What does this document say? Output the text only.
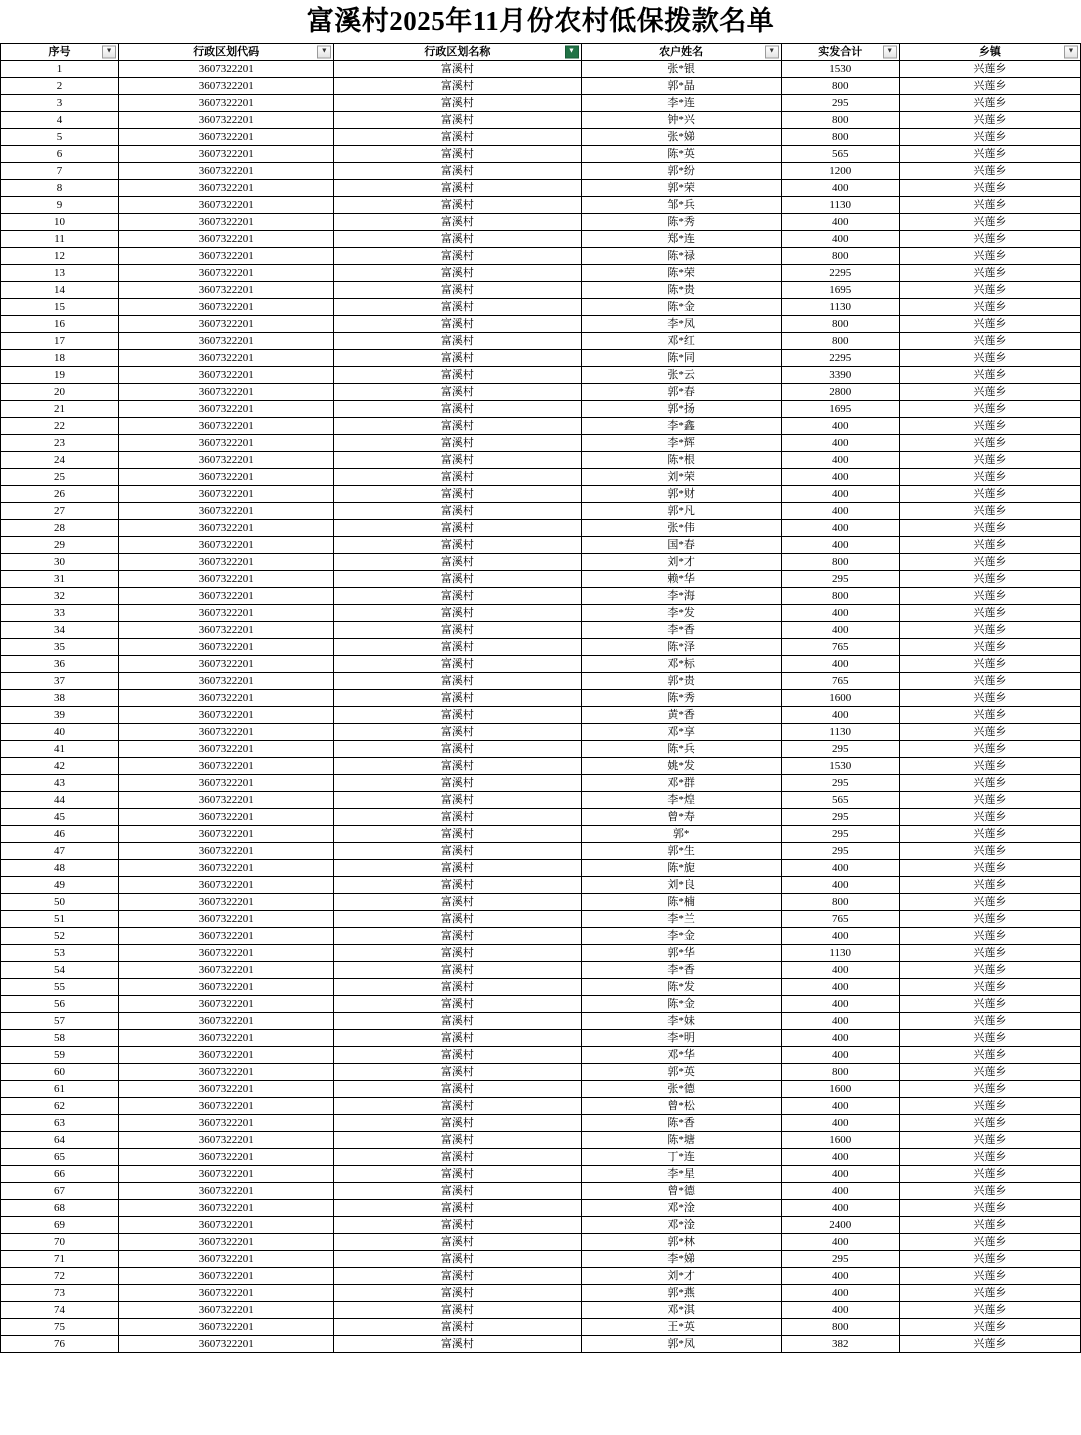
富溪村2025年11月份农村低保拨款名单
序号 ▼	行政区划代码 ▼	行政区划名称 ▼	农户姓名 ▼	实发合计 ▼	乡镇 ▼

1	3607322201	富溪村	张*银	1530	兴莲乡
2	3607322201	富溪村	郭*晶	800	兴莲乡
3	3607322201	富溪村	李*连	295	兴莲乡
4	3607322201	富溪村	钟*兴	800	兴莲乡
5	3607322201	富溪村	张*娣	800	兴莲乡
6	3607322201	富溪村	陈*英	565	兴莲乡
7	3607322201	富溪村	郭*纷	1200	兴莲乡
8	3607322201	富溪村	郭*荣	400	兴莲乡
9	3607322201	富溪村	邹*兵	1130	兴莲乡
10	3607322201	富溪村	陈*秀	400	兴莲乡
11	3607322201	富溪村	郑*连	400	兴莲乡
12	3607322201	富溪村	陈*禄	800	兴莲乡
13	3607322201	富溪村	陈*荣	2295	兴莲乡
14	3607322201	富溪村	陈*贵	1695	兴莲乡
15	3607322201	富溪村	陈*金	1130	兴莲乡
16	3607322201	富溪村	李*凤	800	兴莲乡
17	3607322201	富溪村	邓*红	800	兴莲乡
18	3607322201	富溪村	陈*同	2295	兴莲乡
19	3607322201	富溪村	张*云	3390	兴莲乡
20	3607322201	富溪村	郭*春	2800	兴莲乡
21	3607322201	富溪村	郭*扬	1695	兴莲乡
22	3607322201	富溪村	李*鑫	400	兴莲乡
23	3607322201	富溪村	李*辉	400	兴莲乡
24	3607322201	富溪村	陈*根	400	兴莲乡
25	3607322201	富溪村	刘*荣	400	兴莲乡
26	3607322201	富溪村	郭*财	400	兴莲乡
27	3607322201	富溪村	郭*凡	400	兴莲乡
28	3607322201	富溪村	张*伟	400	兴莲乡
29	3607322201	富溪村	国*春	400	兴莲乡
30	3607322201	富溪村	刘*才	800	兴莲乡
31	3607322201	富溪村	赖*华	295	兴莲乡
32	3607322201	富溪村	李*海	800	兴莲乡
33	3607322201	富溪村	李*发	400	兴莲乡
34	3607322201	富溪村	李*香	400	兴莲乡
35	3607322201	富溪村	陈*泽	765	兴莲乡
36	3607322201	富溪村	邓*标	400	兴莲乡
37	3607322201	富溪村	郭*贵	765	兴莲乡
38	3607322201	富溪村	陈*秀	1600	兴莲乡
39	3607322201	富溪村	黄*香	400	兴莲乡
40	3607322201	富溪村	邓*享	1130	兴莲乡
41	3607322201	富溪村	陈*兵	295	兴莲乡
42	3607322201	富溪村	姚*发	1530	兴莲乡
43	3607322201	富溪村	邓*群	295	兴莲乡
44	3607322201	富溪村	李*煌	565	兴莲乡
45	3607322201	富溪村	曾*寿	295	兴莲乡
46	3607322201	富溪村	郭*	295	兴莲乡
47	3607322201	富溪村	郭*生	295	兴莲乡
48	3607322201	富溪村	陈*旎	400	兴莲乡
49	3607322201	富溪村	刘*良	400	兴莲乡
50	3607322201	富溪村	陈*楠	800	兴莲乡
51	3607322201	富溪村	李*兰	765	兴莲乡
52	3607322201	富溪村	李*金	400	兴莲乡
53	3607322201	富溪村	郭*华	1130	兴莲乡
54	3607322201	富溪村	李*香	400	兴莲乡
55	3607322201	富溪村	陈*发	400	兴莲乡
56	3607322201	富溪村	陈*金	400	兴莲乡
57	3607322201	富溪村	李*妹	400	兴莲乡
58	3607322201	富溪村	李*明	400	兴莲乡
59	3607322201	富溪村	邓*华	400	兴莲乡
60	3607322201	富溪村	郭*英	800	兴莲乡
61	3607322201	富溪村	张*德	1600	兴莲乡
62	3607322201	富溪村	曾*松	400	兴莲乡
63	3607322201	富溪村	陈*香	400	兴莲乡
64	3607322201	富溪村	陈*塘	1600	兴莲乡
65	3607322201	富溪村	丁*连	400	兴莲乡
66	3607322201	富溪村	李*星	400	兴莲乡
67	3607322201	富溪村	曾*德	400	兴莲乡
68	3607322201	富溪村	邓*淦	400	兴莲乡
69	3607322201	富溪村	邓*淦	2400	兴莲乡
70	3607322201	富溪村	郭*林	400	兴莲乡
71	3607322201	富溪村	李*娣	295	兴莲乡
72	3607322201	富溪村	刘*才	400	兴莲乡
73	3607322201	富溪村	郭*燕	400	兴莲乡
74	3607322201	富溪村	邓*淇	400	兴莲乡
75	3607322201	富溪村	王*英	800	兴莲乡
76	3607322201	富溪村	郭*凤	382	兴莲乡
